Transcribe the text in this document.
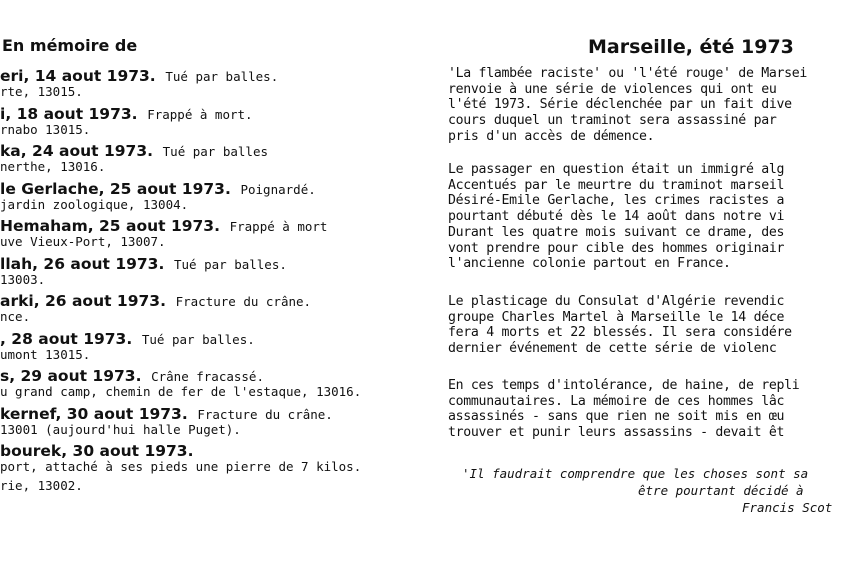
En mémoire de
eri, 14 aout 1973. Tué par balles.
rte, 13015.
i, 18 aout 1973. Frappé à mort.
rnabo 13015.
ka, 24 aout 1973. Tué par balles
nerthe, 13016.
le Gerlache, 25 aout 1973. Poignardé.
jardin zoologique, 13004.
Hemaham, 25 aout 1973. Frappé à mort
uve Vieux-Port, 13007.
llah, 26 aout 1973. Tué par balles.
13003.
arki, 26 aout 1973. Fracture du crâne.
nce.
, 28 aout 1973. Tué par balles.
umont 13015.
s, 29 aout 1973. Crâne fracassé.
u grand camp, chemin de fer de l'estaque, 13016.
kernef, 30 aout 1973. Fracture du crâne.
13001 (aujourd'hui halle Puget).
bourek, 30 aout 1973.
port, attaché à ses pieds une pierre de 7 kilos.
rie, 13002.
Marseille, été 1973
'La flambée raciste' ou 'l'été rouge' de Marsei
renvoie à une série de violences qui ont eu
l'été 1973. Série déclenchée par un fait dive
cours duquel un traminot sera assassiné par
pris d'un accès de démence.
Le passager en question était un immigré alg
Accentués par le meurtre du traminot marseil
Désiré-Emile Gerlache, les crimes racistes a
pourtant débuté dès le 14 août dans notre vi
Durant les quatre mois suivant ce drame, des
vont prendre pour cible des hommes originair
l'ancienne colonie partout en France.
Le plasticage du Consulat d'Algérie revendic
groupe Charles Martel à Marseille le 14 déce
fera 4 morts et 22 blessés. Il sera considére
dernier événement de cette série de violenc
En ces temps d'intolérance, de haine, de repli
communautaires. La mémoire de ces hommes lâc
assassinés - sans que rien ne soit mis en œu
trouver et punir leurs assassins - devait êt
'Il faudrait comprendre que les choses sont sa
être pourtant décidé à
Francis Scot
